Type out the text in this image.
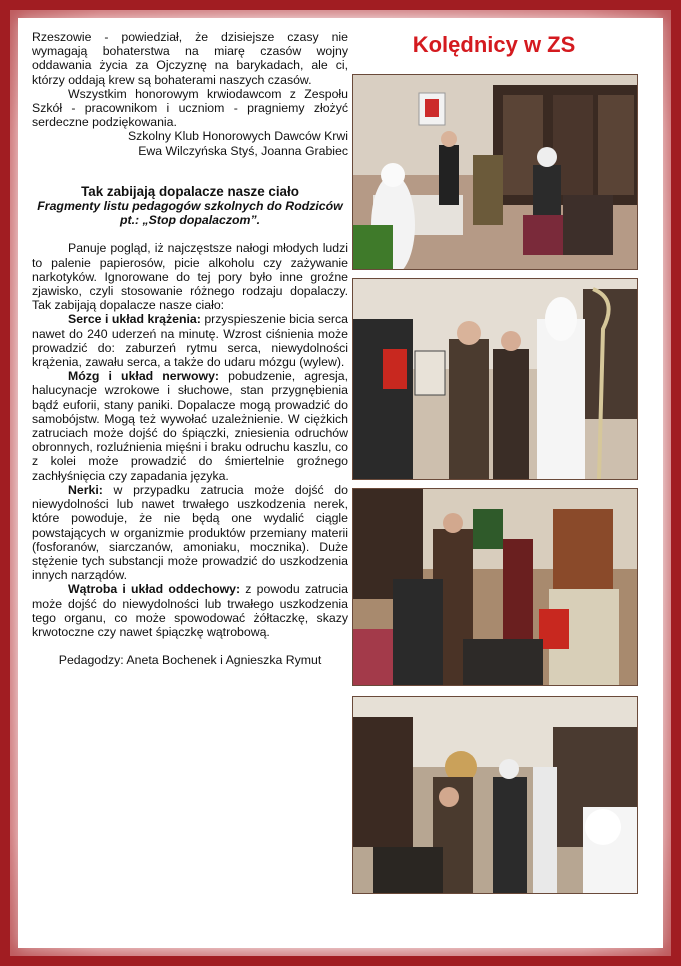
Rzeszowie - powiedział, że dzisiejsze czasy nie wymagają bohaterstwa na miarę czasów wojny oddawania życia za Ojczyznę na barykadach, ale ci, którzy oddają krew są bohaterami naszych czasów.

Wszystkim honorowym krwiodawcom z Zespołu Szkół - pracownikom i uczniom - pragniemy złożyć serdeczne podziękowania.

Szkolny Klub Honorowych Dawców Krwi

Ewa Wilczyńska Styś, Joanna Grabiec

Tak zabijają dopalacze nasze ciało

Fragmenty listu pedagogów szkolnych do Rodziców pt.: „Stop dopalaczom”.

Panuje pogląd, iż najczęstsze nałogi młodych ludzi to palenie papierosów, picie alkoholu czy zażywanie narkotyków. Ignorowane do tej pory było inne groźne zjawisko, czyli stosowanie różnego rodzaju dopalaczy. Tak zabijają dopalacze nasze ciało:

Serce i układ krążenia: przyspieszenie bicia serca nawet do 240 uderzeń na minutę. Wzrost ciśnienia może prowadzić do: zaburzeń rytmu serca, niewydolności krążenia, zawału serca, a także do udaru mózgu (wylew).

Mózg i układ nerwowy: pobudzenie, agresja, halucynacje wzrokowe i słuchowe, stan przygnębienia bądź euforii, stany paniki. Dopalacze mogą prowadzić do samobójstw. Mogą też wywołać uzależnienie. W ciężkich zatruciach może dojść do śpiączki, zniesienia odruchów obronnych, rozluźnienia mięśni i braku odruchu kaszlu, co z kolei może prowadzić do śmiertelnie groźnego zachłyśnięcia czy zapadania języka.

Nerki: w przypadku zatrucia może dojść do niewydolności lub nawet trwałego uszkodzenia nerek, które powoduje, że nie będą one wydalić ciągle powstających w organizmie produktów przemiany materii (fosforanów, siarczanów, amoniaku, mocznika). Duże stężenie tych substancji może prowadzić do uszkodzenia innych narządów.

Wątroba i układ oddechowy: z powodu zatrucia może dojść do niewydolności lub trwałego uszkodzenia tego organu, co może spowodować żółtaczkę, skazy krwotoczne czy nawet śpiączkę wątrobową.

Pedagodzy: Aneta Bochenek i Agnieszka Rymut

Kolędnicy w ZS
